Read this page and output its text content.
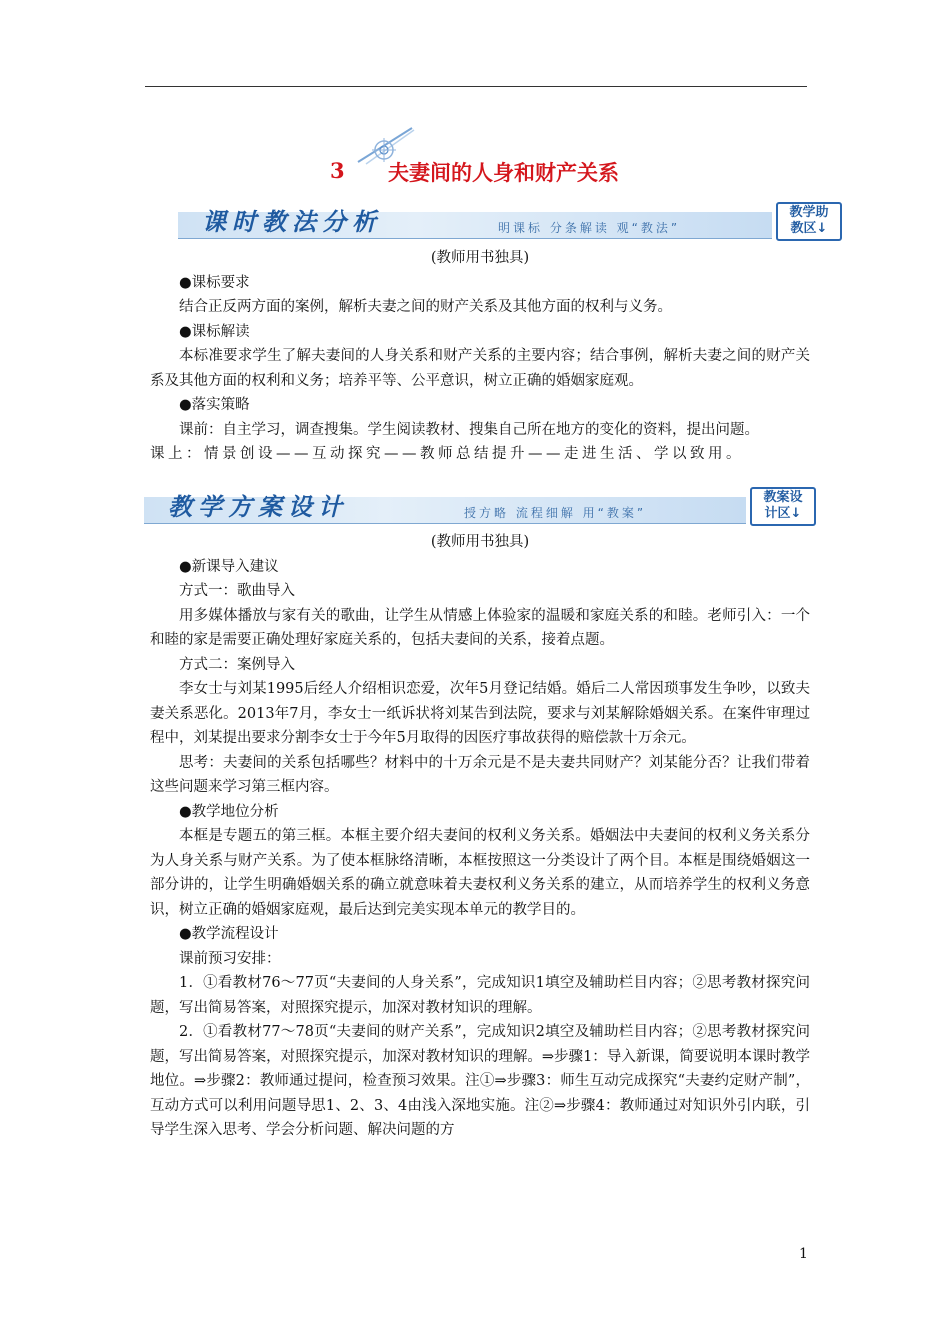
3 夫妻间的人身和财产关系
课时教法分析	明课标 分条解读 观“教法”
教学助
教区↓

(教师用书独具)

●课标要求

结合正反两方面的案例，解析夫妻之间的财产关系及其他方面的权利与义务。

●课标解读

本标准要求学生了解夫妻间的人身关系和财产关系的主要内容；结合事例，解析夫妻之间的财产关系及其他方面的权利和义务；培养平等、公平意识，树立正确的婚姻家庭观。

●落实策略

课前：自主学习，调查搜集。学生阅读教材、搜集自己所在地方的变化的资料，提出问题。

课上：情景创设——互动探究——教师总结提升——走进生活、学以致用。

教学方案设计	授方略 流程细解 用“教案”
教案设
计区↓

(教师用书独具)

●新课导入建议

方式一：歌曲导入

用多媒体播放与家有关的歌曲，让学生从情感上体验家的温暖和家庭关系的和睦。老师引入：一个和睦的家是需要正确处理好家庭关系的，包括夫妻间的关系，接着点题。

方式二：案例导入

李女士与刘某1995后经人介绍相识恋爱，次年5月登记结婚。婚后二人常因琐事发生争吵，以致夫妻关系恶化。2013年7月，李女士一纸诉状将刘某告到法院，要求与刘某解除婚姻关系。在案件审理过程中，刘某提出要求分割李女士于今年5月取得的因医疗事故获得的赔偿款十万余元。

思考：夫妻间的关系包括哪些？材料中的十万余元是不是夫妻共同财产？刘某能分否？让我们带着这些问题来学习第三框内容。

●教学地位分析

本框是专题五的第三框。本框主要介绍夫妻间的权利义务关系。婚姻法中夫妻间的权利义务关系分为人身关系与财产关系。为了使本框脉络清晰，本框按照这一分类设计了两个目。本框是围绕婚姻这一部分讲的，让学生明确婚姻关系的确立就意味着夫妻权利义务关系的建立，从而培养学生的权利义务意识，树立正确的婚姻家庭观，最后达到完美实现本单元的教学目的。

●教学流程设计

课前预习安排：

1．①看教材76～77页“夫妻间的人身关系”，完成知识1填空及辅助栏目内容；②思考教材探究问题，写出简易答案，对照探究提示，加深对教材知识的理解。

2．①看教材77～78页“夫妻间的财产关系”，完成知识2填空及辅助栏目内容；②思考教材探究问题，写出简易答案，对照探究提示，加深对教材知识的理解。⇒步骤1：导入新课，简要说明本课时教学地位。⇒步骤2：教师通过提问，检查预习效果。注①⇒步骤3：师生互动完成探究“夫妻约定财产制”，互动方式可以利用问题导思1、2、3、4由浅入深地实施。注②⇒步骤4：教师通过对知识外引内联，引导学生深入思考、学会分析问题、解决问题的方

1
